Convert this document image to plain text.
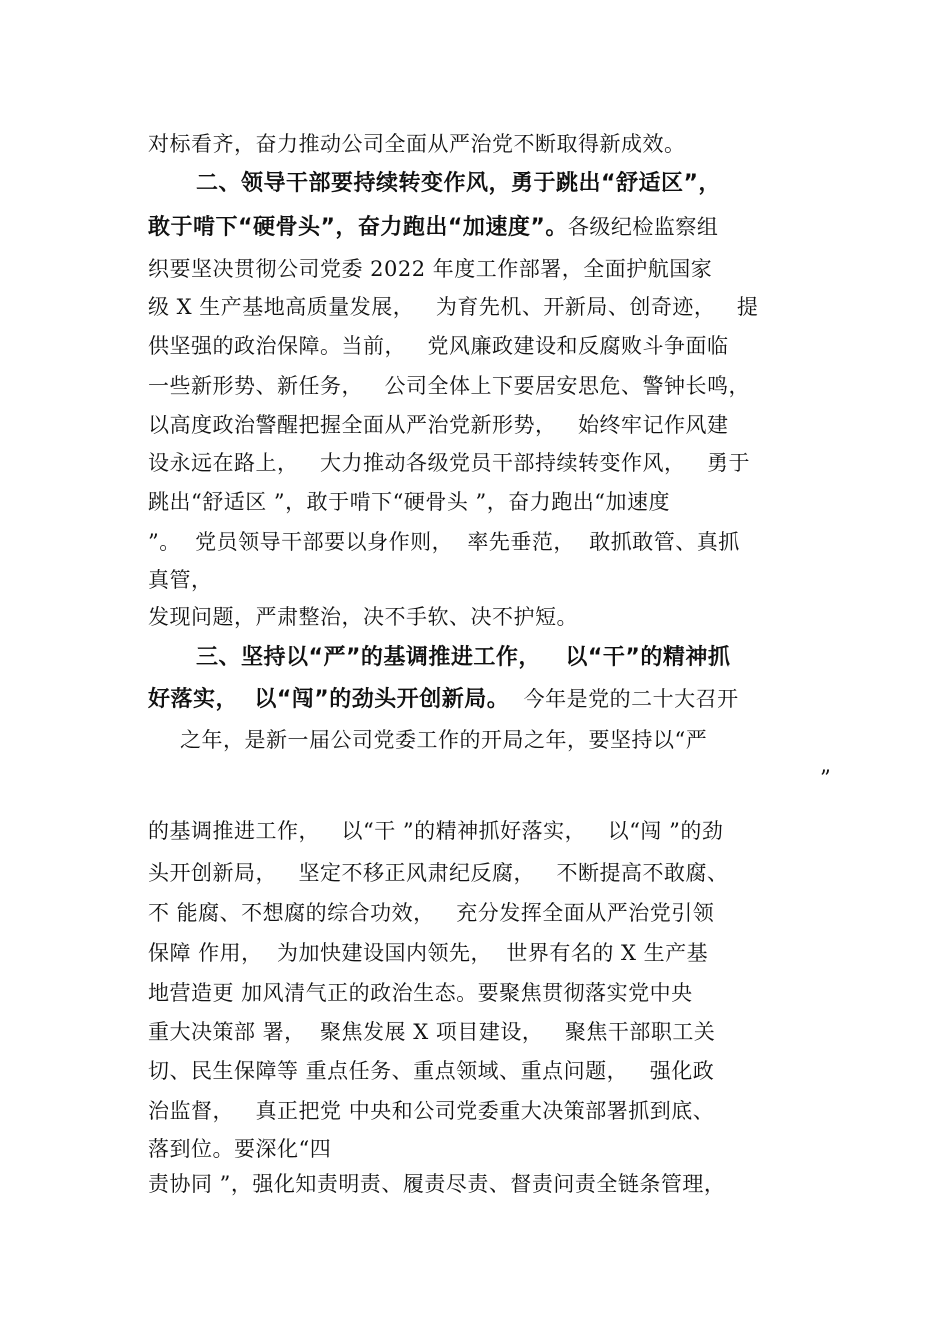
对标看齐，奋力推动公司全面从严治党不断取得新成效。
二、领导干部要持续转变作风，勇于跳出“舒适区”，
敢于啃下“硬骨头”，奋力跑出“加速度”。各级纪检监察组
织要坚决贯彻公司党委 2022 年度工作部署，全面护航国家
级 X 生产基地高质量发展，   为育先机、开新局、创奇迹，   提
供坚强的政治保障。当前，   党风廉政建设和反腐败斗争面临
一些新形势、新任务，   公司全体上下要居安思危、警钟长鸣，
以高度政治警醒把握全面从严治党新形势，   始终牢记作风建
设永远在路上，   大力推动各级党员干部持续转变作风，   勇于
跳出“舒适区 ”，敢于啃下“硬骨头 ”，奋力跑出“加速度
”。  党员领导干部要以身作则，  率先垂范，  敢抓敢管、真抓
真管，
发现问题，严肃整治，决不手软、决不护短。
三、坚持以“严”的基调推进工作，   以“干”的精神抓
好落实，  以“闯”的劲头开创新局。  今年是党的二十大召开
之年，是新一届公司党委工作的开局之年，要坚持以“严
”
的基调推进工作，   以“干 ”的精神抓好落实，   以“闯 ”的劲
头开创新局，   坚定不移正风肃纪反腐，   不断提高不敢腐、
不 能腐、不想腐的综合功效，   充分发挥全面从严治党引领
保障 作用，  为加快建设国内领先，  世界有名的 X 生产基
地营造更 加风清气正的政治生态。要聚焦贯彻落实党中央
重大决策部 署，  聚焦发展 X 项目建设，   聚焦干部职工关
切、民生保障等 重点任务、重点领域、重点问题，   强化政
治监督，   真正把党 中央和公司党委重大决策部署抓到底、
落到位。要深化“四
责协同 ”，强化知责明责、履责尽责、督责问责全链条管理，
